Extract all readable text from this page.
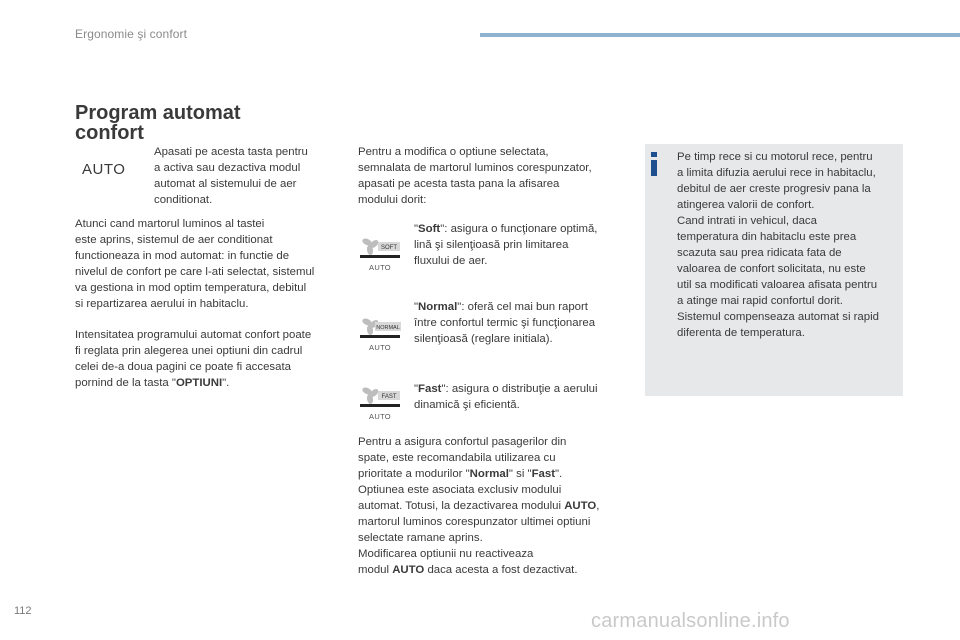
Ergonomie şi confort
Program automat
confort
AUTO
Apasati pe acesta tasta pentru
a activa sau dezactiva modul
automat al sistemului de aer
conditionat.
Atunci cand martorul luminos al tastei
este aprins, sistemul de aer conditionat
functioneaza in mod automat: in functie de
nivelul de confort pe care l-ati selectat, sistemul
va gestiona in mod optim temperatura, debitul
si repartizarea aerului in habitaclu.
Intensitatea programului automat confort poate
fi reglata prin alegerea unei optiuni din cadrul
celei de-a doua pagini ce poate fi accesata
pornind de la tasta "OPTIUNI".
Pentru a modifica o optiune selectata,
semnalata de martorul luminos corespunzator,
apasati pe acesta tasta pana la afisarea
modului dorit:
SOFT
AUTO
NORMAL
AUTO
FAST
AUTO
"Soft": asigura o funcţionare optimă,
lină şi silenţioasă prin limitarea
fluxului de aer.
"Normal": oferă cel mai bun raport
între confortul termic şi funcţionarea
silenţioasă (reglare initiala).
"Fast": asigura o distribuţie a aerului
dinamică şi eficientă.
Pentru a asigura confortul pasagerilor din
spate, este recomandabila utilizarea cu
prioritate a modurilor "Normal" si "Fast".
Optiunea este asociata exclusiv modului
automat. Totusi, la dezactivarea modului AUTO,
martorul luminos corespunzator ultimei optiuni
selectate ramane aprins.
Modificarea optiunii nu reactiveaza
modul AUTO daca acesta a fost dezactivat.
Pe timp rece si cu motorul rece, pentru
a limita difuzia aerului rece in habitaclu,
debitul de aer creste progresiv pana la
atingerea valorii de confort.
Cand intrati in vehicul, daca
temperatura din habitaclu este prea
scazuta sau prea ridicata fata de
valoarea de confort solicitata, nu este
util sa modificati valoarea afisata pentru
a atinge mai rapid confortul dorit.
Sistemul compenseaza automat si rapid
diferenta de temperatura.
112	carmanualsonline.info
